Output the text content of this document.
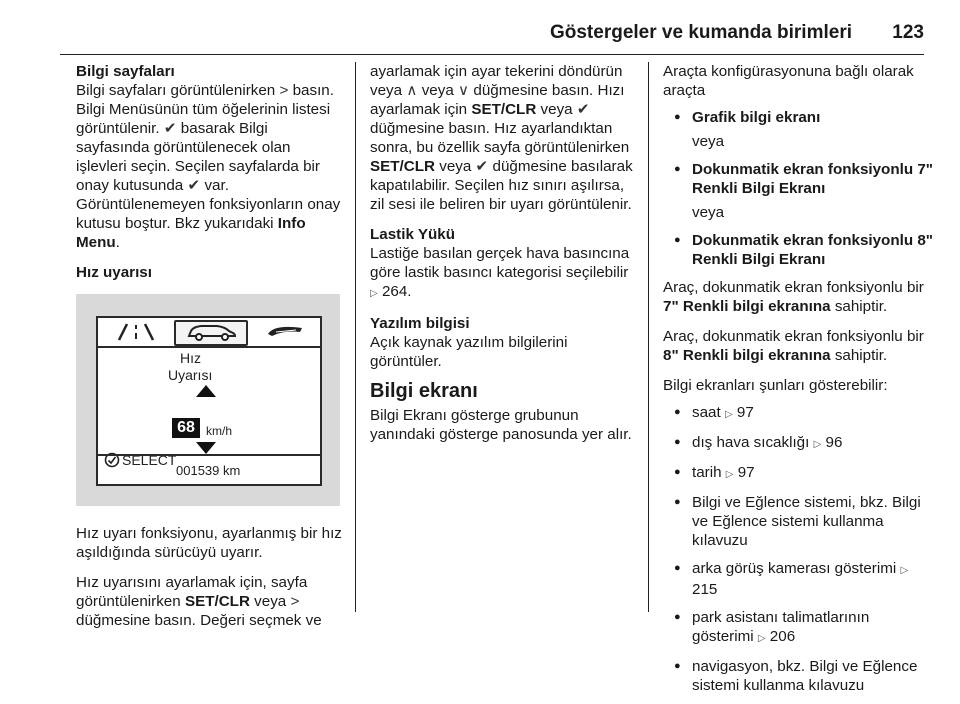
Göstergeler ve kumanda birimleri 123

Bilgi sayfaları

Bilgi sayfaları görüntülenirken > basın. Bilgi Menüsünün tüm öğelerinin listesi görüntülenir. ✔ basarak Bilgi sayfasında görüntülenecek olan işlevleri seçin. Seçilen sayfalarda bir onay kutusunda ✔ var. Görüntülenemeyen fonksiyonların onay kutusu boştur. Bkz yukarıdaki Info Menu.

Hız uyarısı

Hız
Uyarısı
68 km/h
SELECT
001539 km

Hız uyarı fonksiyonu, ayarlanmış bir hız aşıldığında sürücüyü uyarır.

Hız uyarısını ayarlamak için, sayfa görüntülenirken SET/CLR veya > düğmesine basın. Değeri seçmek ve

ayarlamak için ayar tekerini döndürün veya ∧ veya ∨ düğmesine basın. Hızı ayarlamak için SET/CLR veya ✔ düğmesine basın. Hız ayarlandıktan sonra, bu özellik sayfa görüntülenirken SET/CLR veya ✔ düğmesine basılarak kapatılabilir. Seçilen hız sınırı aşılırsa, zil sesi ile beliren bir uyarı görüntülenir.

Lastik Yükü

Lastiğe basılan gerçek hava basıncına göre lastik basıncı kategorisi seçilebilir ▷ 264.

Yazılım bilgisi

Açık kaynak yazılım bilgilerini görüntüler.

Bilgi ekranı

Bilgi Ekranı gösterge grubunun yanındaki gösterge panosunda yer alır.

Araçta konfigürasyonuna bağlı olarak araçta

● Grafik bilgi ekranı
veya
● Dokunmatik ekran fonksiyonlu 7" Renkli Bilgi Ekranı
veya
● Dokunmatik ekran fonksiyonlu 8" Renkli Bilgi Ekranı

Araç, dokunmatik ekran fonksiyonlu bir 7" Renkli bilgi ekranına sahiptir.

Araç, dokunmatik ekran fonksiyonlu bir 8" Renkli bilgi ekranına sahiptir.

Bilgi ekranları şunları gösterebilir:

● saat ▷ 97
● dış hava sıcaklığı ▷ 96
● tarih ▷ 97
● Bilgi ve Eğlence sistemi, bkz. Bilgi ve Eğlence sistemi kullanma kılavuzu
● arka görüş kamerası gösterimi ▷ 215
● park asistanı talimatlarının gösterimi ▷ 206
● navigasyon, bkz. Bilgi ve Eğlence sistemi kullanma kılavuzu
